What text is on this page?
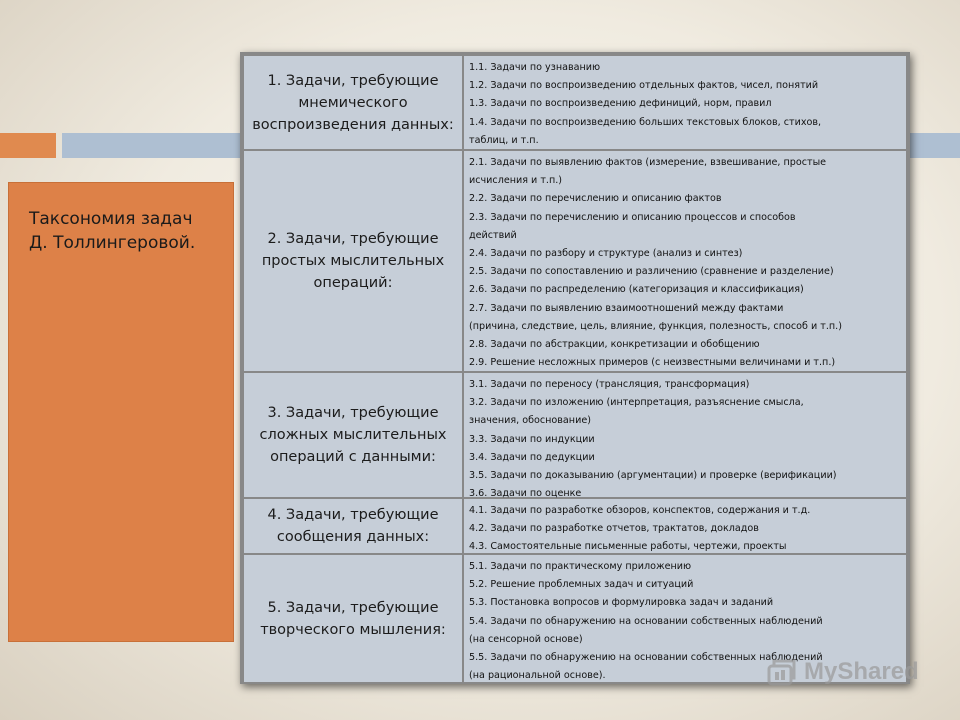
Таксономия задач
Д. Толлингеровой.
1. Задачи, требующие мнемического воспроизведения данных:
1.1. Задачи по узнаванию
1.2. Задачи по воспроизведению отдельных фактов, чисел, понятий
1.3. Задачи по воспроизведению дефиниций, норм, правил
1.4. Задачи по воспроизведению больших текстовых блоков, стихов,
таблиц, и т.п.
2. Задачи, требующие простых мыслительных операций:
2.1. Задачи по выявлению фактов (измерение, взвешивание, простые
исчисления и т.п.)
2.2. Задачи по перечислению и описанию фактов
2.3. Задачи по перечислению и описанию процессов и способов
действий
2.4. Задачи по разбору и структуре (анализ и синтез)
2.5. Задачи по сопоставлению и различению (сравнение и разделение)
2.6. Задачи по распределению (категоризация и классификация)
2.7. Задачи по выявлению взаимоотношений между фактами
(причина, следствие, цель, влияние, функция, полезность, способ и т.п.)
2.8. Задачи по абстракции, конкретизации и обобщению
2.9. Решение несложных примеров (с неизвестными величинами и т.п.)
3. Задачи, требующие сложных мыслительных операций с данными:
3.1. Задачи по переносу (трансляция, трансформация)
3.2. Задачи по изложению (интерпретация, разъяснение смысла,
значения, обоснование)
3.3. Задачи по индукции
3.4. Задачи по дедукции
3.5. Задачи по доказыванию (аргументации) и проверке (верификации)
3.6. Задачи по оценке
4. Задачи, требующие сообщения данных:
4.1. Задачи по разработке обзоров, конспектов, содержания и т.д.
4.2. Задачи по разработке отчетов, трактатов, докладов
4.3. Самостоятельные письменные работы, чертежи, проекты
5. Задачи, требующие творческого мышления:
5.1. Задачи по практическому приложению
5.2. Решение проблемных задач и ситуаций
5.3. Постановка вопросов и формулировка задач и заданий
5.4. Задачи по обнаружению на основании собственных наблюдений
(на сенсорной основе)
5.5. Задачи по обнаружению на основании собственных наблюдений
(на рациональной основе).	MyShared
